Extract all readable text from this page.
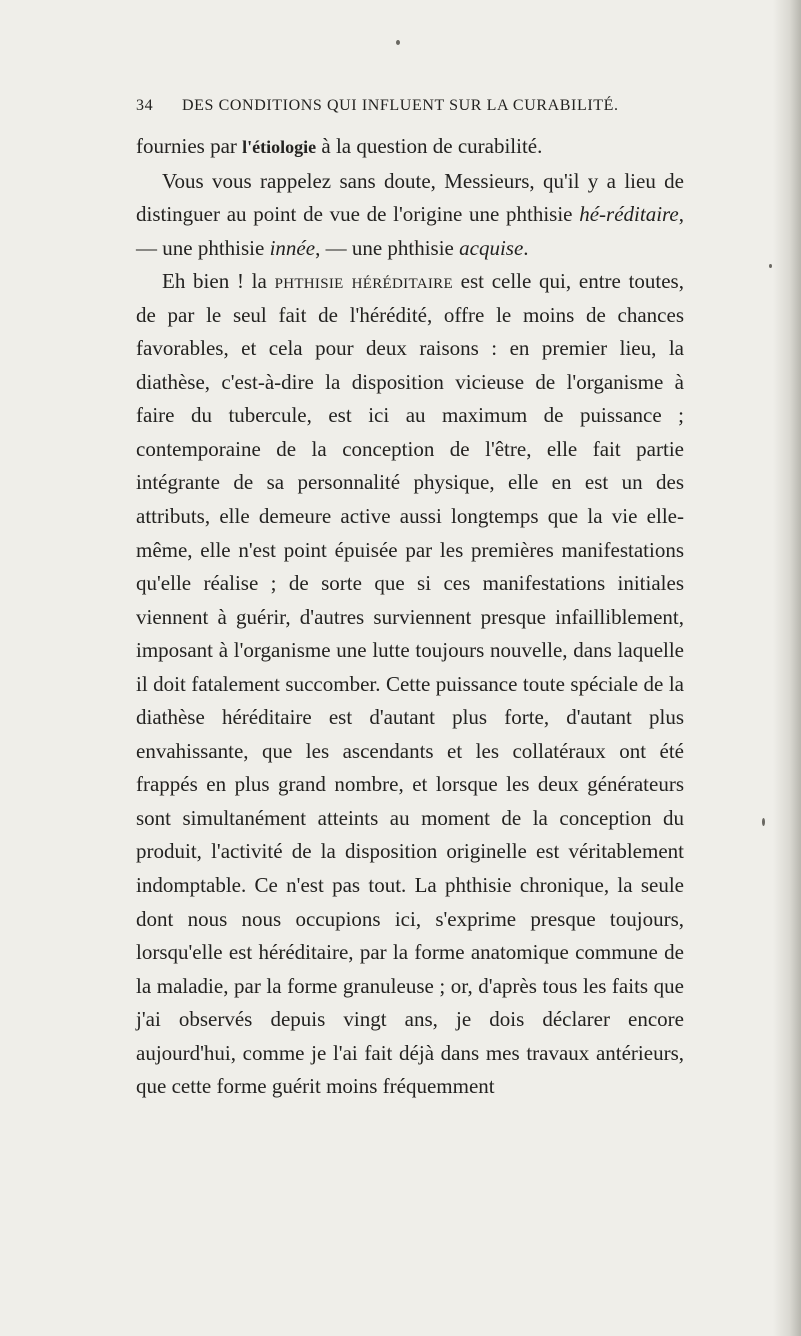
34 DES CONDITIONS QUI INFLUENT SUR LA CURABILITÉ.

fournies par l'étiologie à la question de curabilité.

Vous vous rappelez sans doute, Messieurs, qu'il y a lieu de distinguer au point de vue de l'origine une phthisie hé-réditaire, — une phthisie innée, — une phthisie acquise.

Eh bien ! la phthisie héréditaire est celle qui, entre toutes, de par le seul fait de l'hérédité, offre le moins de chances favorables, et cela pour deux raisons : en premier lieu, la diathèse, c'est-à-dire la disposition vicieuse de l'organisme à faire du tubercule, est ici au maximum de puissance ; contemporaine de la conception de l'être, elle fait partie intégrante de sa personnalité physique, elle en est un des attributs, elle demeure active aussi longtemps que la vie elle-même, elle n'est point épuisée par les premières manifestations qu'elle réalise ; de sorte que si ces manifestations initiales viennent à guérir, d'autres surviennent presque infailliblement, imposant à l'organisme une lutte toujours nouvelle, dans laquelle il doit fatalement succomber. Cette puissance toute spéciale de la diathèse héréditaire est d'autant plus forte, d'autant plus envahissante, que les ascendants et les collatéraux ont été frappés en plus grand nombre, et lorsque les deux générateurs sont simultanément atteints au moment de la conception du produit, l'activité de la disposition originelle est véritablement indomptable. Ce n'est pas tout. La phthisie chronique, la seule dont nous nous occupions ici, s'exprime presque toujours, lorsqu'elle est héréditaire, par la forme anatomique commune de la maladie, par la forme granuleuse ; or, d'après tous les faits que j'ai observés depuis vingt ans, je dois déclarer encore aujourd'hui, comme je l'ai fait déjà dans mes travaux antérieurs, que cette forme guérit moins fréquemment
